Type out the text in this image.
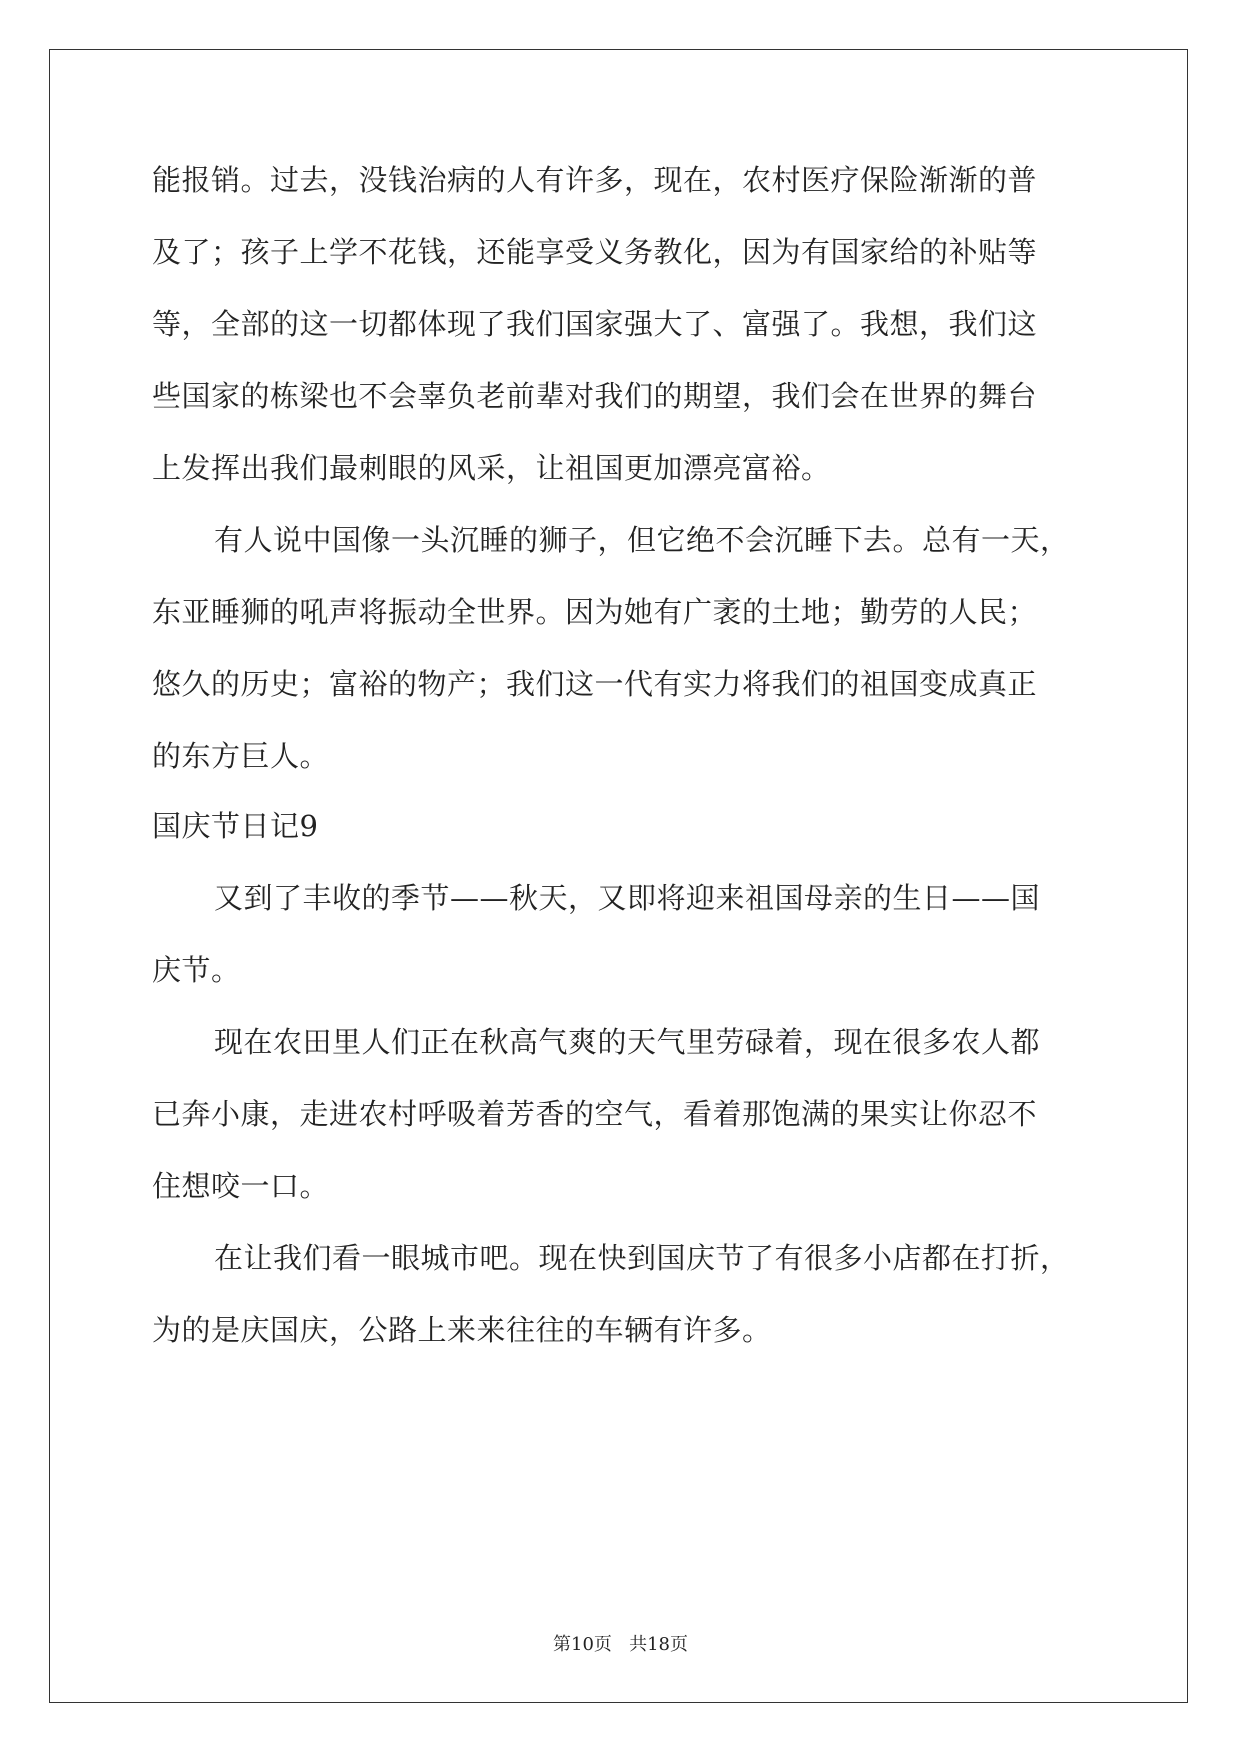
能报销。过去，没钱治病的人有许多，现在，农村医疗保险渐渐的普
及了；孩子上学不花钱，还能享受义务教化，因为有国家给的补贴等
等，全部的这一切都体现了我们国家强大了、富强了。我想，我们这
些国家的栋梁也不会辜负老前辈对我们的期望，我们会在世界的舞台
上发挥出我们最刺眼的风采，让祖国更加漂亮富裕。
有人说中国像一头沉睡的狮子，但它绝不会沉睡下去。总有一天，
东亚睡狮的吼声将振动全世界。因为她有广袤的土地；勤劳的人民；
悠久的历史；富裕的物产；我们这一代有实力将我们的祖国变成真正
的东方巨人。
国庆节日记9
又到了丰收的季节——秋天，又即将迎来祖国母亲的生日——国
庆节。
现在农田里人们正在秋高气爽的天气里劳碌着，现在很多农人都
已奔小康，走进农村呼吸着芳香的空气，看着那饱满的果实让你忍不
住想咬一口。
在让我们看一眼城市吧。现在快到国庆节了有很多小店都在打折，
为的是庆国庆，公路上来来往往的车辆有许多。
第10页   共18页
